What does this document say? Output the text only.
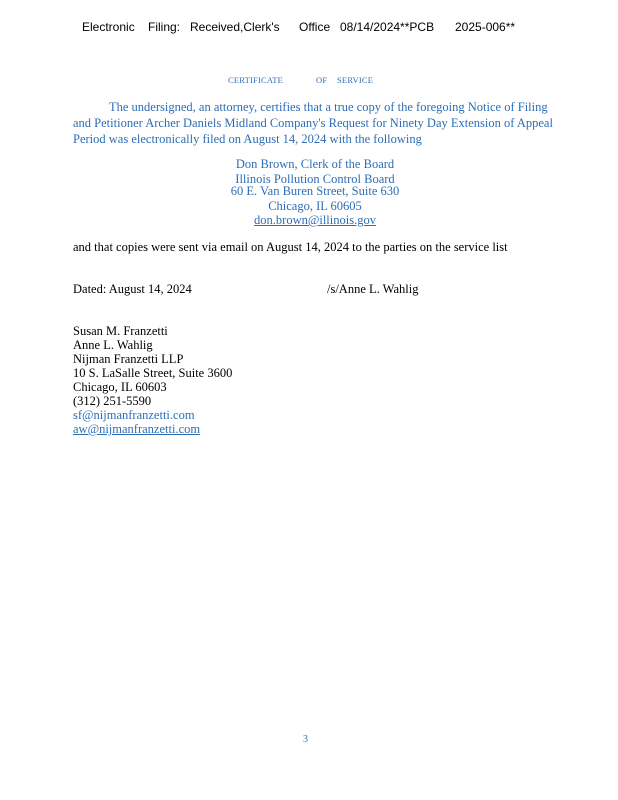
Electronic Filing: Received,Clerk's Office 08/14/2024**PCB 2025-006**
CERTIFICATE	OF SERVICE
The undersigned, an attorney, certifies that a true copy of the foregoing Notice of Filing
and Petitioner Archer Daniels Midland Company's Request for Ninety Day Extension of Appeal
Period was electronically filed on August 14, 2024 with the following
Don Brown, Clerk of the Board
Illinois Pollution Control Board
60 E. Van Buren Street, Suite 630
Chicago, IL 60605
don.brown@illinois.gov
and that copies were sent via email on August 14, 2024 to the parties on the service list
Dated: August 14, 2024	/s/Anne L. Wahlig
Susan M. Franzetti
Anne L. Wahlig
Nijman Franzetti LLP
10 S. LaSalle Street, Suite 3600
Chicago, IL 60603
(312) 251-5590
sf@nijmanfranzetti.com
aw@nijmanfranzetti.com
3
